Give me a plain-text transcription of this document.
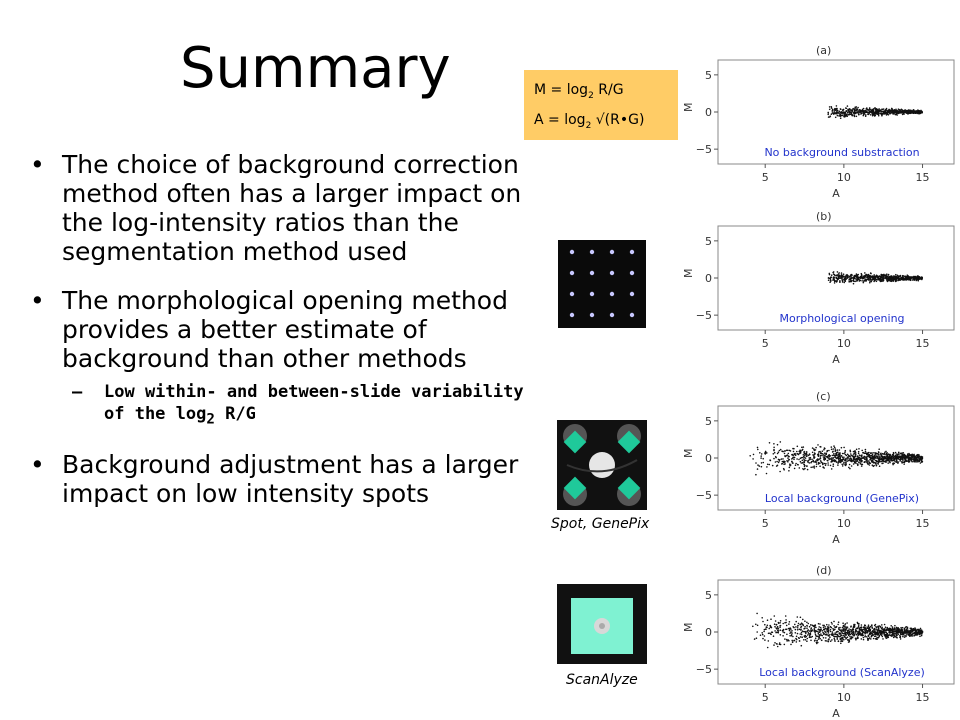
Summary
• The choice of background correction method often has a larger impact on the log-intensity ratios than the segmentation method used
• The morphological opening method provides a better estimate of background than other methods
– Low within- and between-slide variability of the $\log_2 R/G$
• Background adjustment has a larger impact on low intensity spots
$M = \log_2 R/G$
$A = \log_2$ √(R•G)
Spot, GenePix
ScanAlyze
(a)
5
0
−5
M
5	10	15
A
No background substraction
(b)
5
0
−5
M
5	10	15
A
Morphological opening
(c)
5
0
−5
M
5	10	15
A
Local background (GenePix)
(d)
5
0
−5
M
5	10	15
A
Local background (ScanAlyze)
